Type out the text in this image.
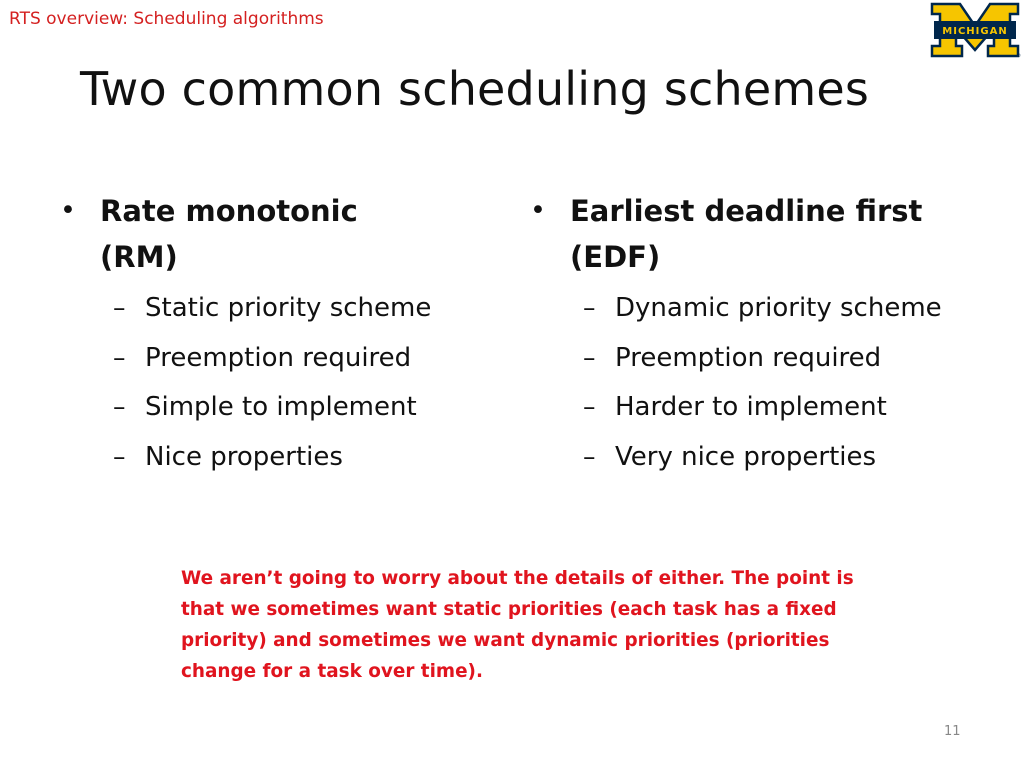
RTS overview: Scheduling algorithms
MICHIGAN
®
Two common scheduling schemes
• Rate monotonic (RM)
– Static priority scheme
– Preemption required
– Simple to implement
– Nice properties
• Earliest deadline first (EDF)
– Dynamic priority scheme
– Preemption required
– Harder to implement
– Very nice properties
We aren’t going to worry about the details of either. The point is that we sometimes want static priorities (each task has a fixed priority) and sometimes we want dynamic priorities (priorities change for a task over time).
11
